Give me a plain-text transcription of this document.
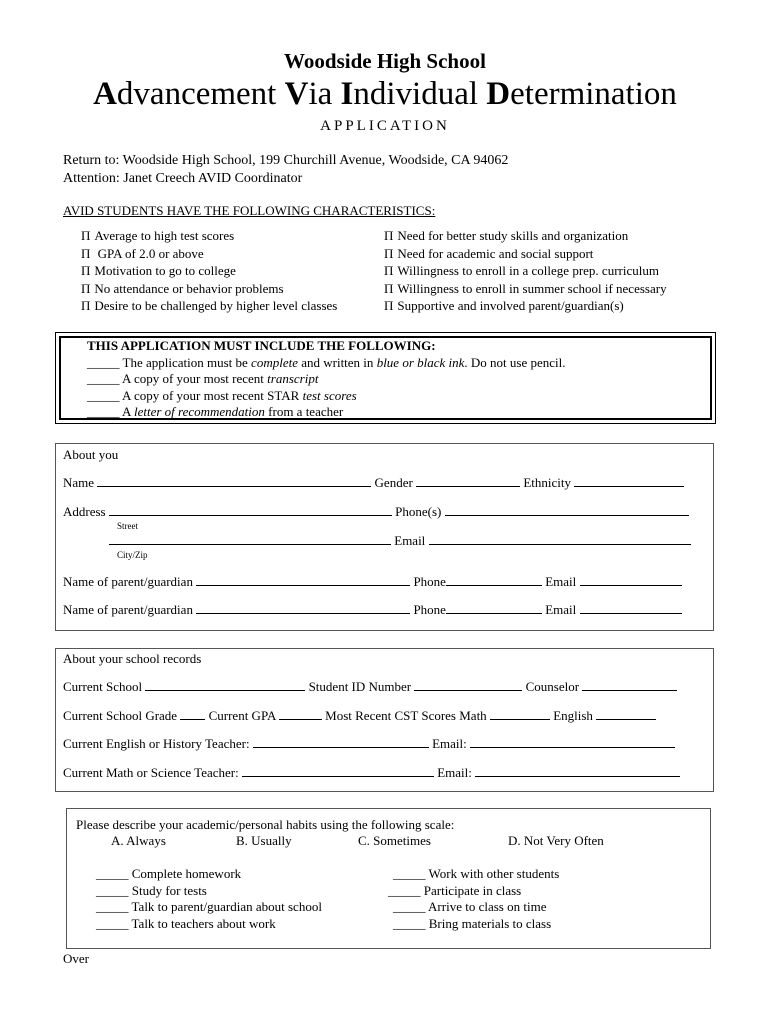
Woodside High School
Advancement Via Individual Determination
APPLICATION
Return to: Woodside High School, 199 Churchill Avenue, Woodside, CA 94062
Attention: Janet Creech AVID Coordinator
AVID STUDENTS HAVE THE FOLLOWING CHARACTERISTICS:
Π Average to high test scores
Π GPA of 2.0 or above
Π Motivation to go to college
Π No attendance or behavior problems
Π Desire to be challenged by higher level classes
Π Need for better study skills and organization
Π Need for academic and social support
Π Willingness to enroll in a college prep. curriculum
Π Willingness to enroll in summer school if necessary
Π Supportive and involved parent/guardian(s)
THIS APPLICATION MUST INCLUDE THE FOLLOWING:
_____ The application must be complete and written in blue or black ink. Do not use pencil.
_____ A copy of your most recent transcript
_____ A copy of your most recent STAR test scores
_____ A letter of recommendation from a teacher
About you
Name	Gender	Ethnicity
Address	Phone(s)
Street
Email
City/Zip
Name of parent/guardian	Phone	Email
Name of parent/guardian	Phone	Email
About your school records
Current School	Student ID Number	Counselor
Current School Grade Current GPA	Most Recent CST Scores Math	English
Current English or History Teacher:	Email:
Current Math or Science Teacher:	Email:
Please describe your academic/personal habits using the following scale:
A. Always	B. Usually	C. Sometimes	D. Not Very Often
_____ Complete homework
_____ Study for tests
_____ Talk to parent/guardian about school
_____ Talk to teachers about work
_____ Work with other students
_____ Participate in class
_____ Arrive to class on time
_____ Bring materials to class
Over
